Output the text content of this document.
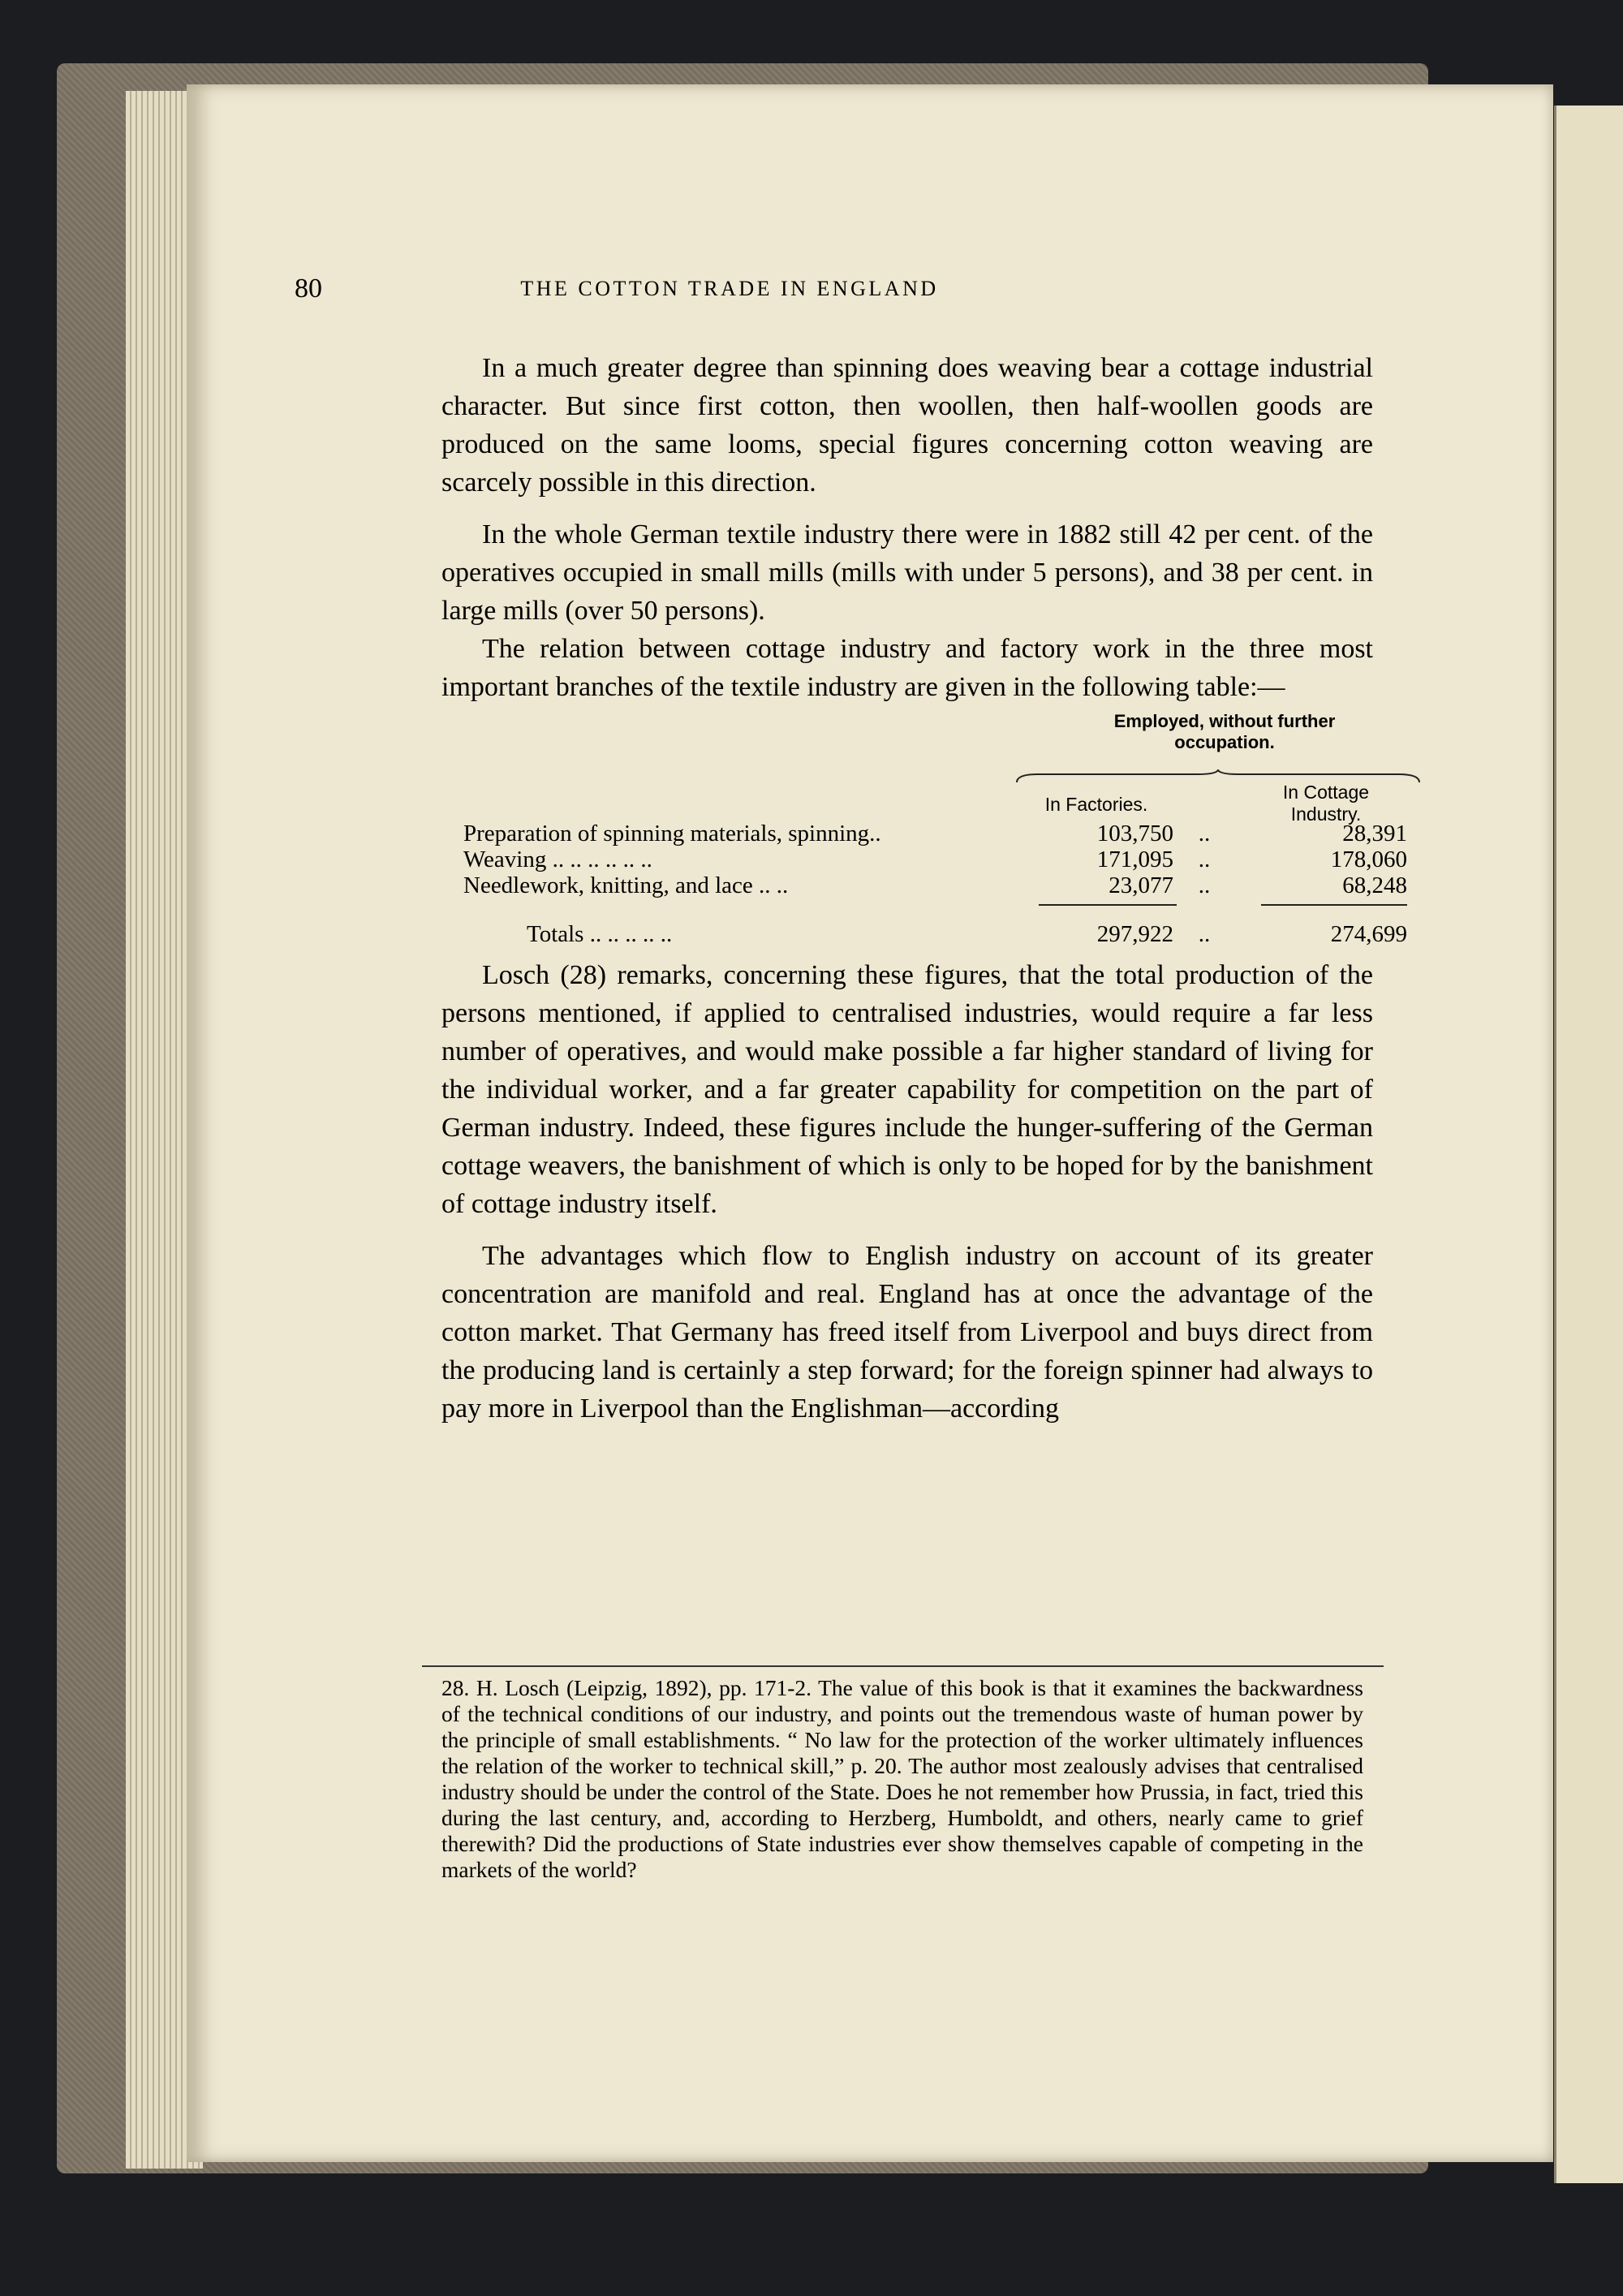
80	THE COTTON TRADE IN ENGLAND

In a much greater degree than spinning does weaving bear a cottage industrial character. But since first cotton, then woollen, then half-woollen goods are produced on the same looms, special figures concerning cotton weaving are scarcely possible in this direction.

In the whole German textile industry there were in 1882 still 42 per cent. of the operatives occupied in small mills (mills with under 5 persons), and 38 per cent. in large mills (over 50 persons).

The relation between cottage industry and factory work in the three most important branches of the textile industry are given in the following table:—

Employed, without further
occupation.
In Factories.
In Cottage
Industry.
Preparation of spinning materials, spinning..	103,750	..	28,391
Weaving .. .. .. .. .. ..	171,095	..	178,060
Needlework, knitting, and lace .. ..	23,077	..	68,248
Totals .. .. .. .. ..	297,922	..	274,699

Losch (28) remarks, concerning these figures, that the total production of the persons mentioned, if applied to centralised industries, would require a far less number of operatives, and would make possible a far higher standard of living for the individual worker, and a far greater capability for competition on the part of German industry. Indeed, these figures include the hunger-suffering of the German cottage weavers, the banishment of which is only to be hoped for by the banishment of cottage industry itself.

The advantages which flow to English industry on account of its greater concentration are manifold and real. England has at once the advantage of the cotton market. That Germany has freed itself from Liverpool and buys direct from the producing land is certainly a step forward; for the foreign spinner had always to pay more in Liverpool than the Englishman—according

28. H. Losch (Leipzig, 1892), pp. 171-2. The value of this book is that it examines the backwardness of the technical conditions of our industry, and points out the tremendous waste of human power by the principle of small establishments. “ No law for the protection of the worker ultimately influences the relation of the worker to technical skill,” p. 20. The author most zealously advises that centralised industry should be under the control of the State. Does he not remember how Prussia, in fact, tried this during the last century, and, according to Herzberg, Humboldt, and others, nearly came to grief therewith? Did the productions of State industries ever show themselves capable of competing in the markets of the world?
